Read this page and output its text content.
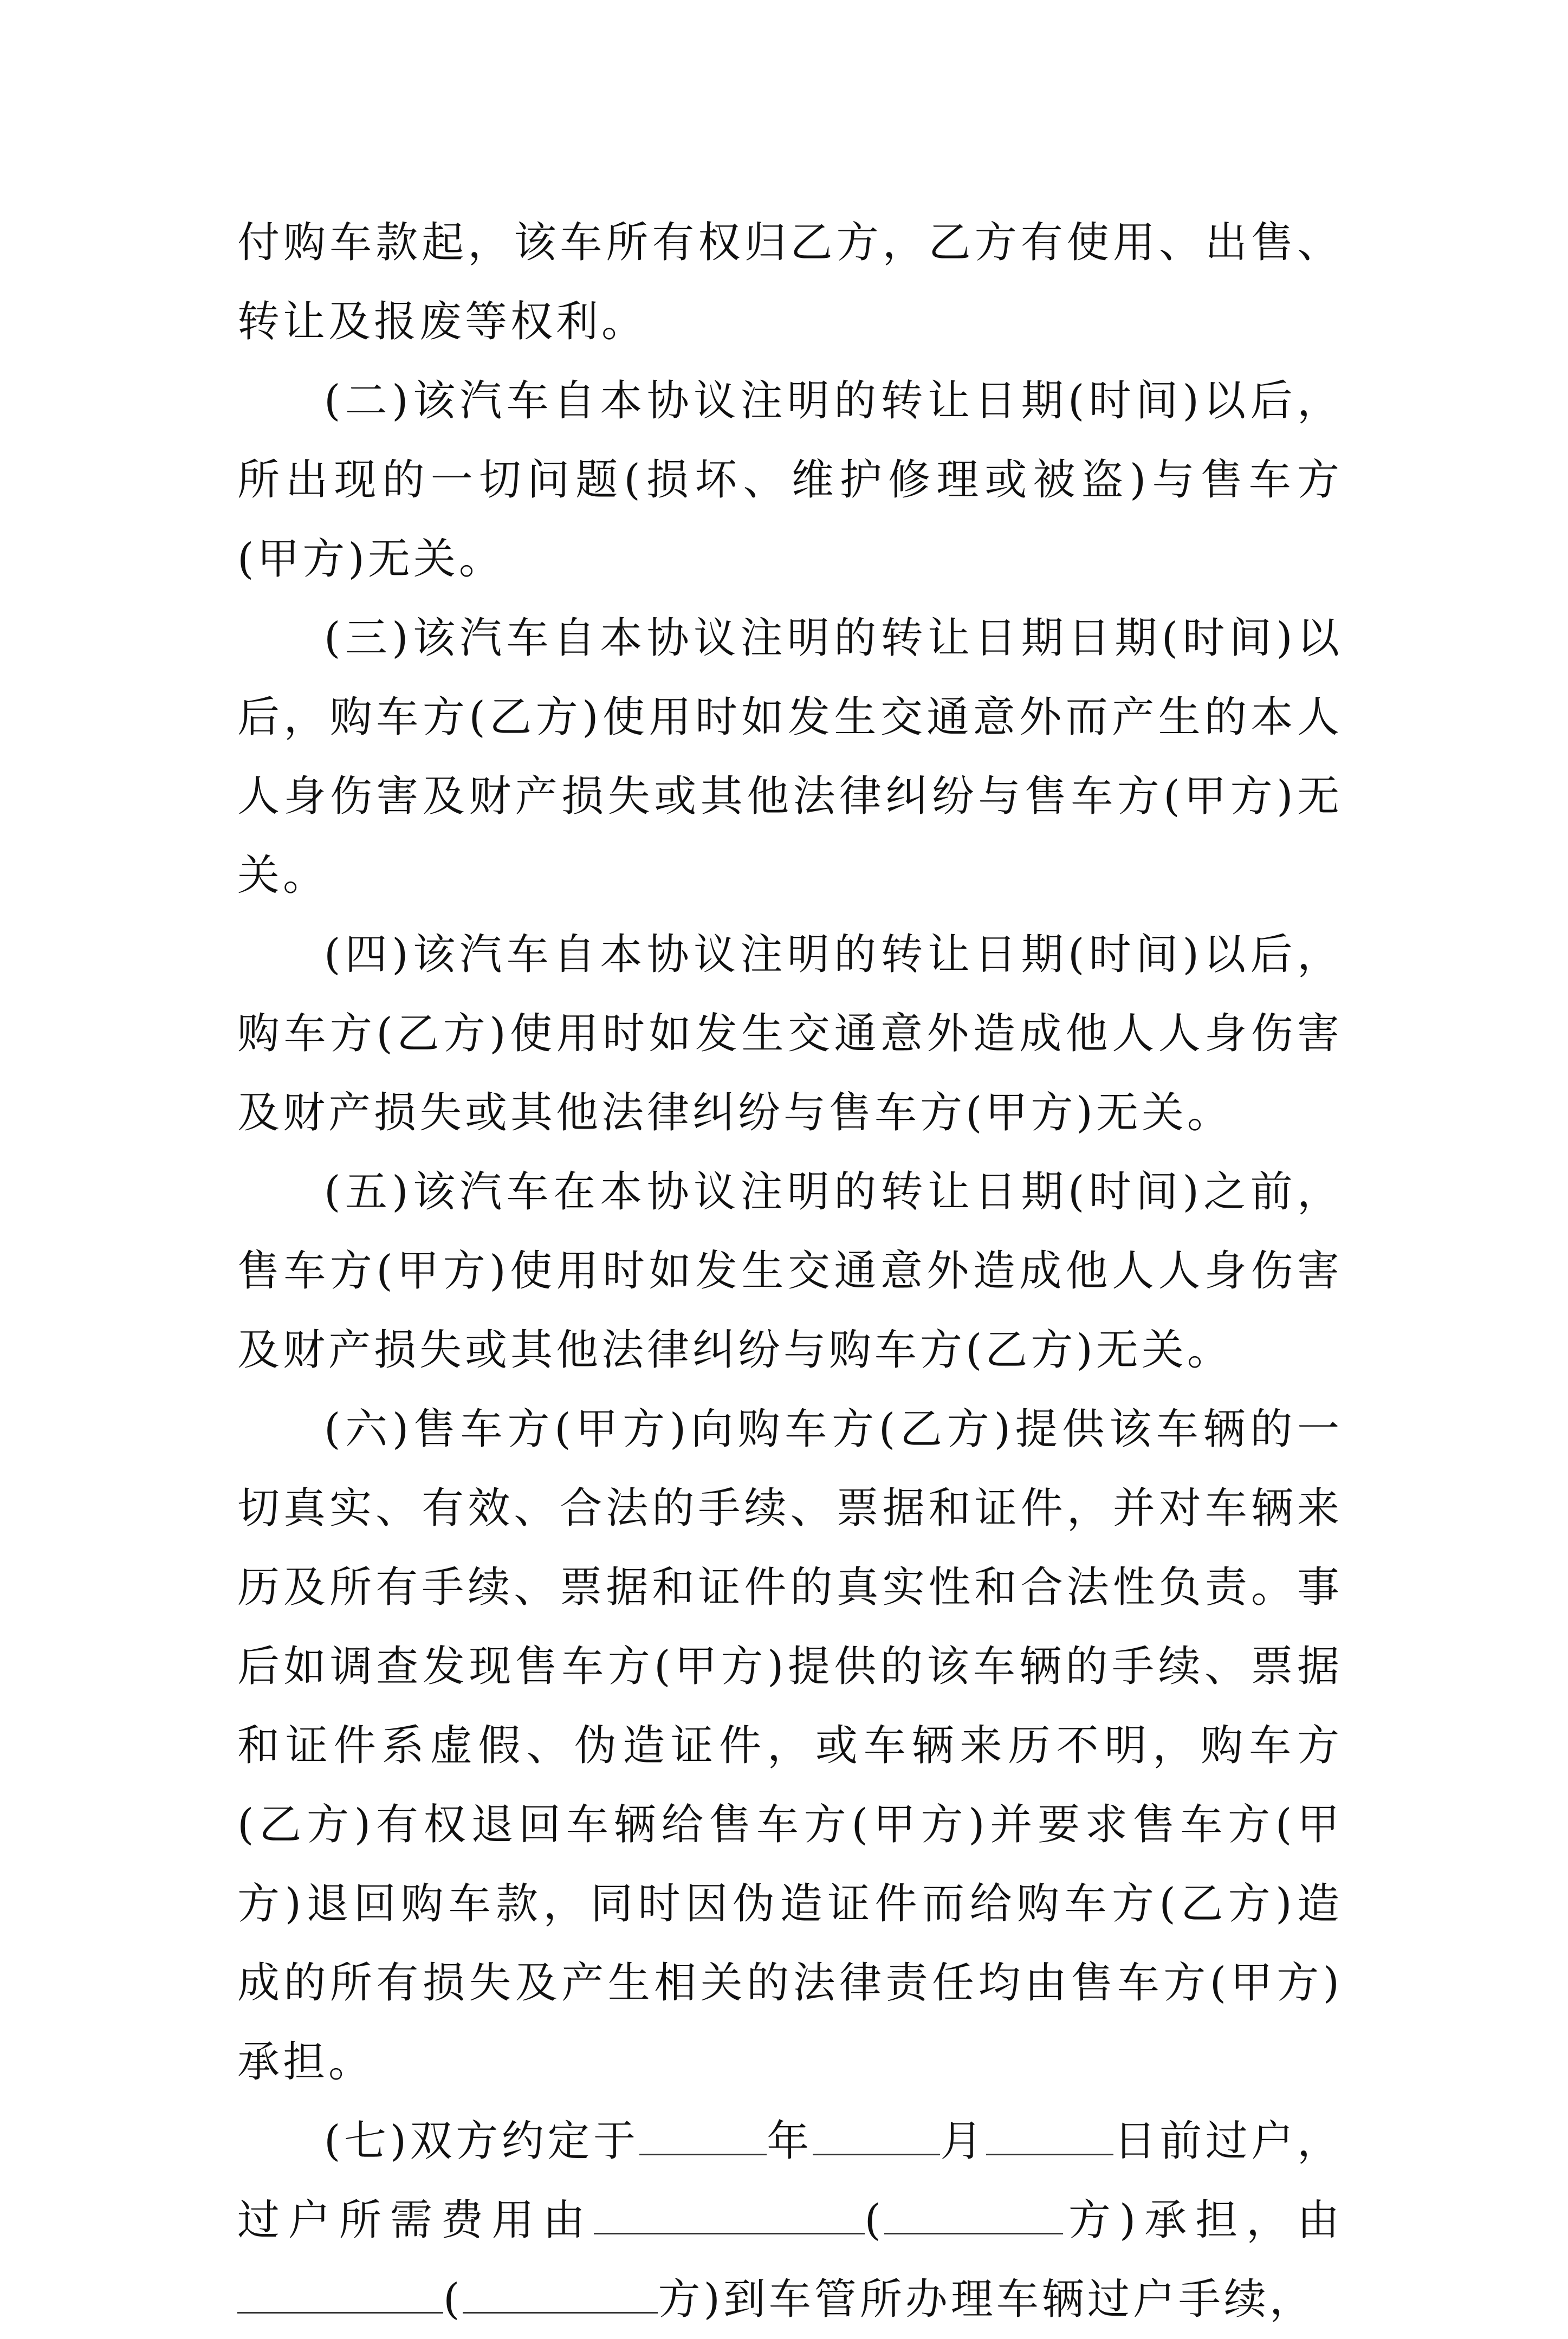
付购车款起，该车所有权归乙方，乙方有使用、出售、转让及报废等权利。

(二)该汽车自本协议注明的转让日期(时间)以后，所出现的一切问题(损坏、维护修理或被盗)与售车方(甲方)无关。

(三)该汽车自本协议注明的转让日期日期(时间)以后，购车方(乙方)使用时如发生交通意外而产生的本人人身伤害及财产损失或其他法律纠纷与售车方(甲方)无关。

(四)该汽车自本协议注明的转让日期(时间)以后，购车方(乙方)使用时如发生交通意外造成他人人身伤害及财产损失或其他法律纠纷与售车方(甲方)无关。

(五)该汽车在本协议注明的转让日期(时间)之前，售车方(甲方)使用时如发生交通意外造成他人人身伤害及财产损失或其他法律纠纷与购车方(乙方)无关。

(六)售车方(甲方)向购车方(乙方)提供该车辆的一切真实、有效、合法的手续、票据和证件，并对车辆来历及所有手续、票据和证件的真实性和合法性负责。事后如调查发现售车方(甲方)提供的该车辆的手续、票据和证件系虚假、伪造证件，或车辆来历不明，购车方(乙方)有权退回车辆给售车方(甲方)并要求售车方(甲方)退回购车款，同时因伪造证件而给购车方(乙方)造成的所有损失及产生相关的法律责任均由售车方(甲方)承担。

(七)双方约定于	年	月	日前过户，过户所需费用由	(	方)承担，由(	方)到车管所办理车辆过户手续，
